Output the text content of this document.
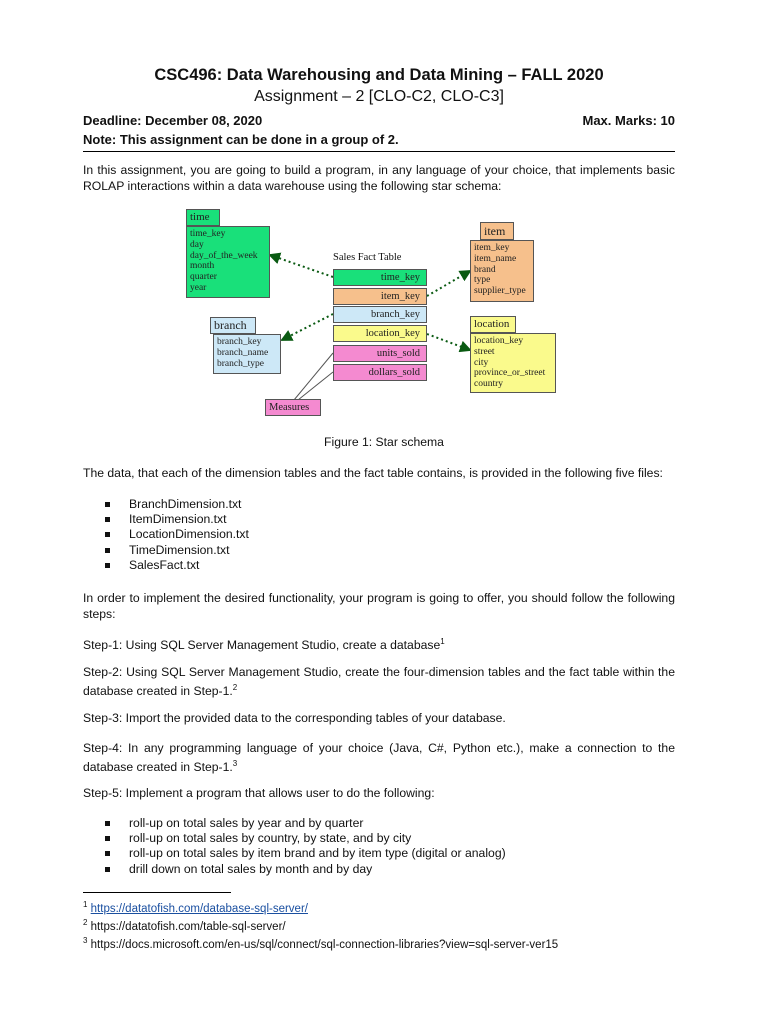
CSC496: Data Warehousing and Data Mining – FALL 2020
Assignment – 2 [CLO-C2, CLO-C3]
Deadline: December 08, 2020	Max. Marks: 10
Note: This assignment can be done in a group of 2.

In this assignment, you are going to build a program, in any language of your choice, that implements basic ROLAP interactions within a data warehouse using the following star schema:

time
time_key
day
day_of_the_week
month
quarter
year
item
item_key
item_name
brand
type
supplier_type
branch
branch_key
branch_name
branch_type
location
location_key
street
city
province_or_street
country
Sales Fact Table
time_key
item_key
branch_key
location_key
units_sold
dollars_sold
Measures
Figure 1: Star schema

The data, that each of the dimension tables and the fact table contains, is provided in the following five files:

BranchDimension.txt
ItemDimension.txt
LocationDimension.txt
TimeDimension.txt
SalesFact.txt

In order to implement the desired functionality, your program is going to offer, you should follow the following steps:

Step-1: Using SQL Server Management Studio, create a database$^1$

Step-2: Using SQL Server Management Studio, create the four-dimension tables and the fact table within the database created in Step-1.$^2$

Step-3: Import the provided data to the corresponding tables of your database.

Step-4: In any programming language of your choice (Java, C#, Python etc.), make a connection to the database created in Step-1.$^3$

Step-5: Implement a program that allows user to do the following:

roll-up on total sales by year and by quarter
roll-up on total sales by country, by state, and by city
roll-up on total sales by item brand and by item type (digital or analog)
drill down on total sales by month and by day
$^1$ https://datatofish.com/database-sql-server/
$^2$ https://datatofish.com/table-sql-server/
$^3$ https://docs.microsoft.com/en-us/sql/connect/sql-connection-libraries?view=sql-server-ver15
